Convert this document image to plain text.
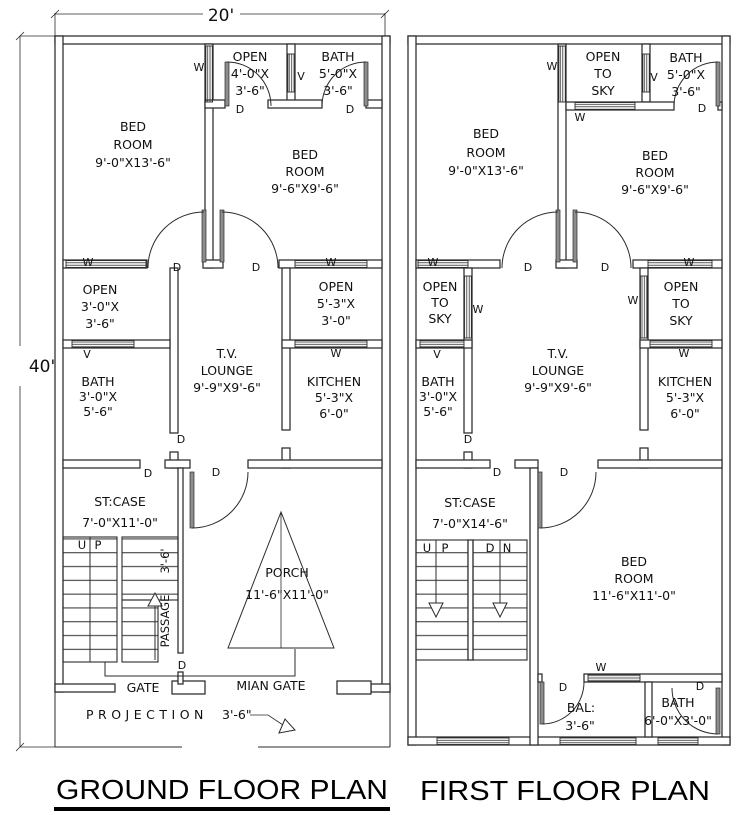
20'
40'
BED
ROOM
9'-0"X13'-6"
OPEN
4'-0"X
3'-6"
BATH
5'-0"X
3'-6"
BED
ROOM
9'-6"X9'-6"
OPEN
3'-0"X
3'-6"
BATH
3'-0"X
5'-6"
T.V.
LOUNGE
9'-9"X9'-6"
OPEN
5'-3"X
3'-0"
KITCHEN
5'-3"X
6'-0"
ST:CASE
7'-0"X11'-0"
PORCH
11'-6"X11'-0"
3'-6'
PASSAGE
GATE	MIAN GATE
PROJECTION 3'-6"
W
W	W
W
V
V
D	D
D	D
D	D
D
D
U P
GROUND FLOOR PLAN
BED
ROOM
9'-0"X13'-6"
OPEN
TO
SKY
BATH
5'-0"X
3'-6"
BED
ROOM
9'-6"X9'-6"
OPEN
TO
SKY
BATH
3'-0"X
5'-6"
T.V.
LOUNGE
9'-9"X9'-6"
OPEN
TO
SKY
KITCHEN
5'-3"X
6'-0"
ST:CASE
7'-0"X14'-6"
BED
ROOM
11'-6"X11'-0"
BAL:
3'-6"
BATH
6'-0"X3'-0"
W
W
W	W
W
W
W
W
V
V
D
D	D
D	D
D
D	D
U P	D N
FIRST FLOOR PLAN
